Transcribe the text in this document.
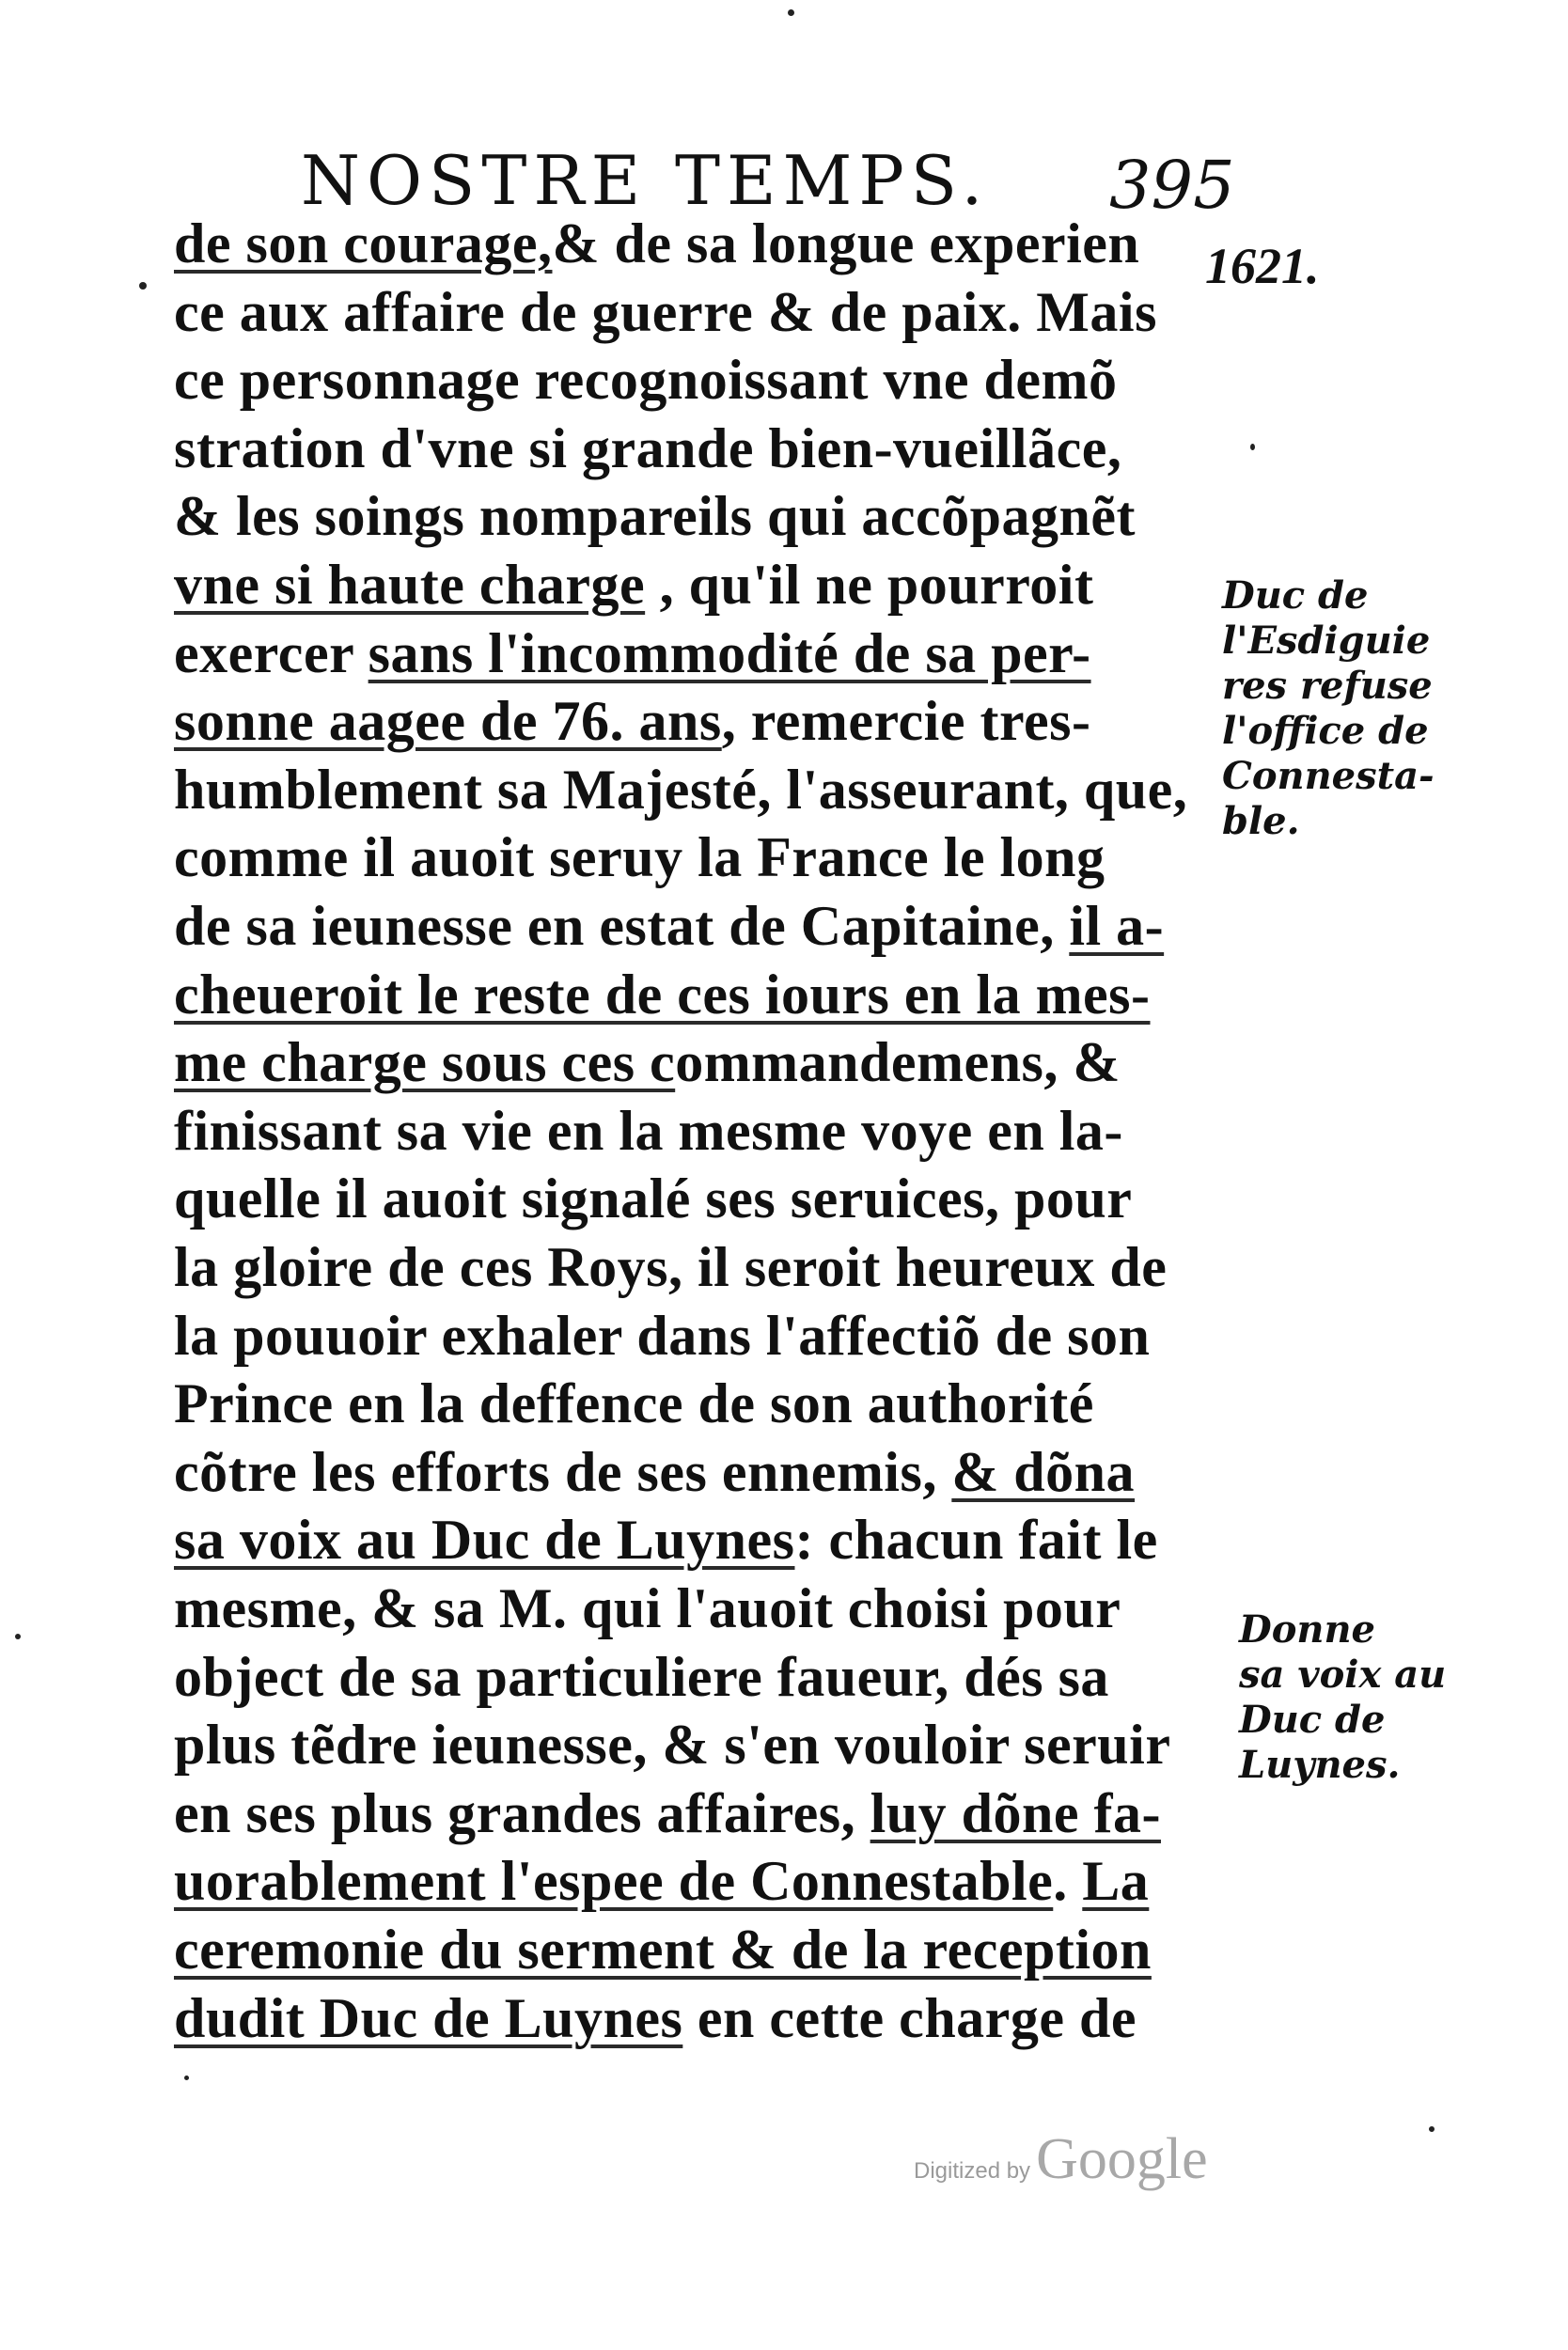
NOSTRE TEMPS. 395
1621.
de son courage,& de sa longue experien
ce aux affaire de guerre & de paix. Mais
ce personnage recognoissant vne demõ
stration d'vne si grande bien-vueillãce,
& les soings nompareils qui accõpagnẽt
vne si haute charge , qu'il ne pourroit
exercer sans l'incommodité de sa per-
sonne aagee de 76. ans, remercie tres-
humblement sa Majesté, l'asseurant, que,
comme il auoit seruy la France le long
de sa ieunesse en estat de Capitaine, il a-
cheueroit le reste de ces iours en la mes-
me charge sous ces commandemens, &
finissant sa vie en la mesme voye en la-
quelle il auoit signalé ses seruices, pour
la gloire de ces Roys, il seroit heureux de
la pouuoir exhaler dans l'affectiõ de son
Prince en la deffence de son authorité
cõtre les efforts de ses ennemis, & dõna
sa voix au Duc de Luynes: chacun fait le
mesme, & sa M. qui l'auoit choisi pour
object de sa particuliere faueur, dés sa
plus tẽdre ieunesse, & s'en vouloir seruir
en ses plus grandes affaires, luy dõne fa-
uorablement l'espee de Connestable. La
ceremonie du serment & de la reception
dudit Duc de Luynes en cette charge de
Duc de
l'Esdiguie
res refuse
l'office de
Connesta-
ble.
Donne
sa voix au
Duc de
Luynes.
Digitized by Google
